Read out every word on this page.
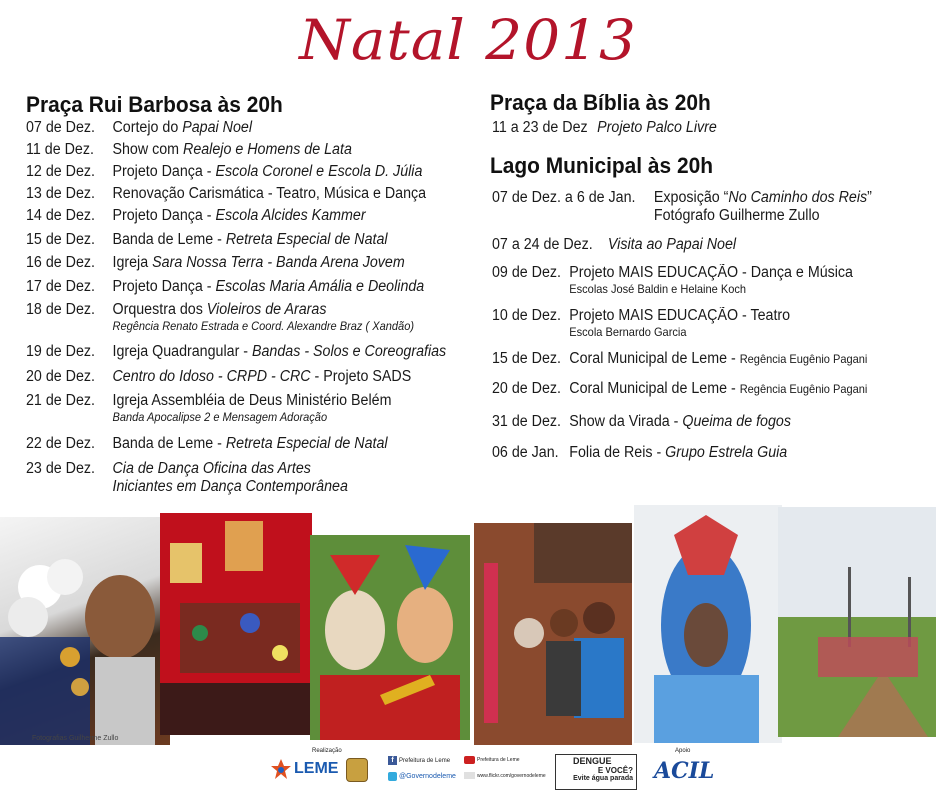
Natal 2013
Praça Rui Barbosa às 20h
07 de Dez. Cortejo do Papai Noel
11 de Dez. Show com Realejo e Homens de Lata
12 de Dez. Projeto Dança - Escola Coronel e Escola D. Júlia
13 de Dez. Renovação Carismática - Teatro, Música e Dança
14 de Dez. Projeto Dança - Escola Alcides Kammer
15 de Dez. Banda de Leme - Retreta Especial de Natal
16 de Dez. Igreja Sara Nossa Terra - Banda Arena Jovem
17 de Dez. Projeto Dança - Escolas Maria Amália e Deolinda
18 de Dez. Orquestra dos Violeiros de Araras
Regência Renato Estrada e Coord. Alexandre Braz ( Xandão)
19 de Dez. Igreja Quadrangular - Bandas - Solos e Coreografias
20 de Dez. Centro do Idoso - CRPD - CRC - Projeto SADS
21 de Dez. Igreja Assembléia de Deus Ministério Belém
Banda Apocalipse 2 e Mensagem Adoração
22 de Dez. Banda de Leme - Retreta Especial de Natal
23 de Dez. Cia de Dança Oficina das Artes
Iniciantes em Dança Contemporânea
Praça da Bíblia às 20h
11 a 23 de Dez Projeto Palco Livre
Lago Municipal às 20h
07 de Dez. a 6 de Jan. Exposição “No Caminho dos Reis”
Fotógrafo Guilherme Zullo
07 a 24 de Dez. Visita ao Papai Noel
09 de Dez. Projeto MAIS EDUCAÇÃO - Dança e Música
Escolas José Baldin e Helaine Koch
10 de Dez. Projeto MAIS EDUCAÇÃO - Teatro
Escola Bernardo Garcia
15 de Dez. Coral Municipal de Leme - Regência Eugênio Pagani
20 de Dez. Coral Municipal de Leme - Regência Eugênio Pagani
31 de Dez. Show da Virada - Queima de fogos
06 de Jan. Folia de Reis - Grupo Estrela Guia
Fotografias Guilherme Zullo
Realização
LEME	f Prefeitura de Leme
@Governodeleme
Prefeitura de Leme
www.flickr.com/governodeleme
DENGUE
E VOCÊ?
Evite água parada
Apoio
ACIL
